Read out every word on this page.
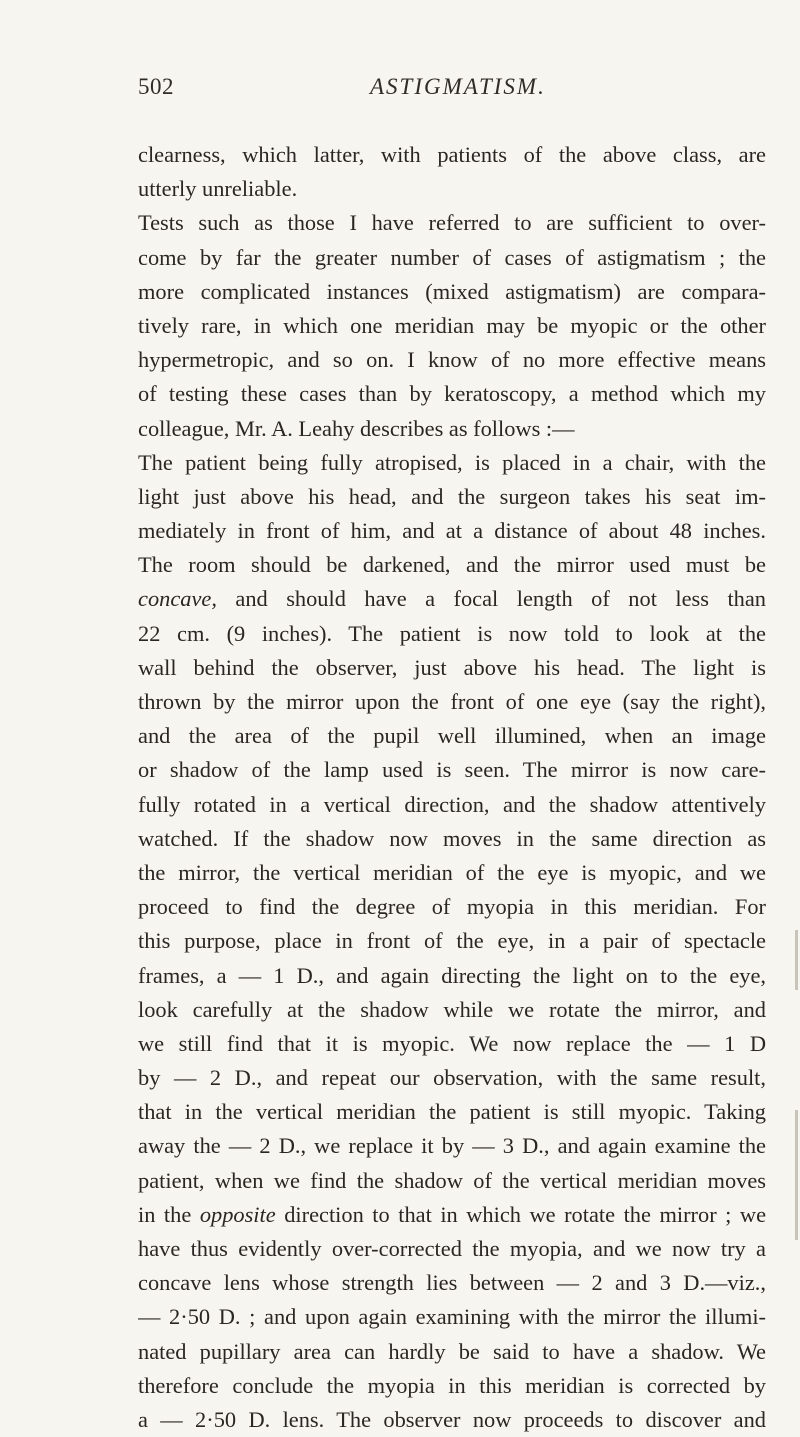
502	ASTIGMATISM.
clearness, which latter, with patients of the above class, are
utterly unreliable.
Tests such as those I have referred to are sufficient to over-
come by far the greater number of cases of astigmatism ; the
more complicated instances (mixed astigmatism) are compara-
tively rare, in which one meridian may be myopic or the other
hypermetropic, and so on. I know of no more effective means
of testing these cases than by keratoscopy, a method which my
colleague, Mr. A. Leahy describes as follows :—
The patient being fully atropised, is placed in a chair, with the
light just above his head, and the surgeon takes his seat im-
mediately in front of him, and at a distance of about 48 inches.
The room should be darkened, and the mirror used must be
concave, and should have a focal length of not less than
22 cm. (9 inches). The patient is now told to look at the
wall behind the observer, just above his head. The light is
thrown by the mirror upon the front of one eye (say the right),
and the area of the pupil well illumined, when an image
or shadow of the lamp used is seen. The mirror is now care-
fully rotated in a vertical direction, and the shadow attentively
watched. If the shadow now moves in the same direction as
the mirror, the vertical meridian of the eye is myopic, and we
proceed to find the degree of myopia in this meridian. For
this purpose, place in front of the eye, in a pair of spectacle
frames, a — 1 D., and again directing the light on to the eye,
look carefully at the shadow while we rotate the mirror, and
we still find that it is myopic. We now replace the — 1 D
by — 2 D., and repeat our observation, with the same result,
that in the vertical meridian the patient is still myopic. Taking
away the — 2 D., we replace it by — 3 D., and again examine the
patient, when we find the shadow of the vertical meridian moves
in the opposite direction to that in which we rotate the mirror ; we
have thus evidently over-corrected the myopia, and we now try a
concave lens whose strength lies between — 2 and 3 D.—viz.,
— 2·50 D. ; and upon again examining with the mirror the illumi-
nated pupillary area can hardly be said to have a shadow. We
therefore conclude the myopia in this meridian is corrected by
a — 2·50 D. lens. The observer now proceeds to discover and
